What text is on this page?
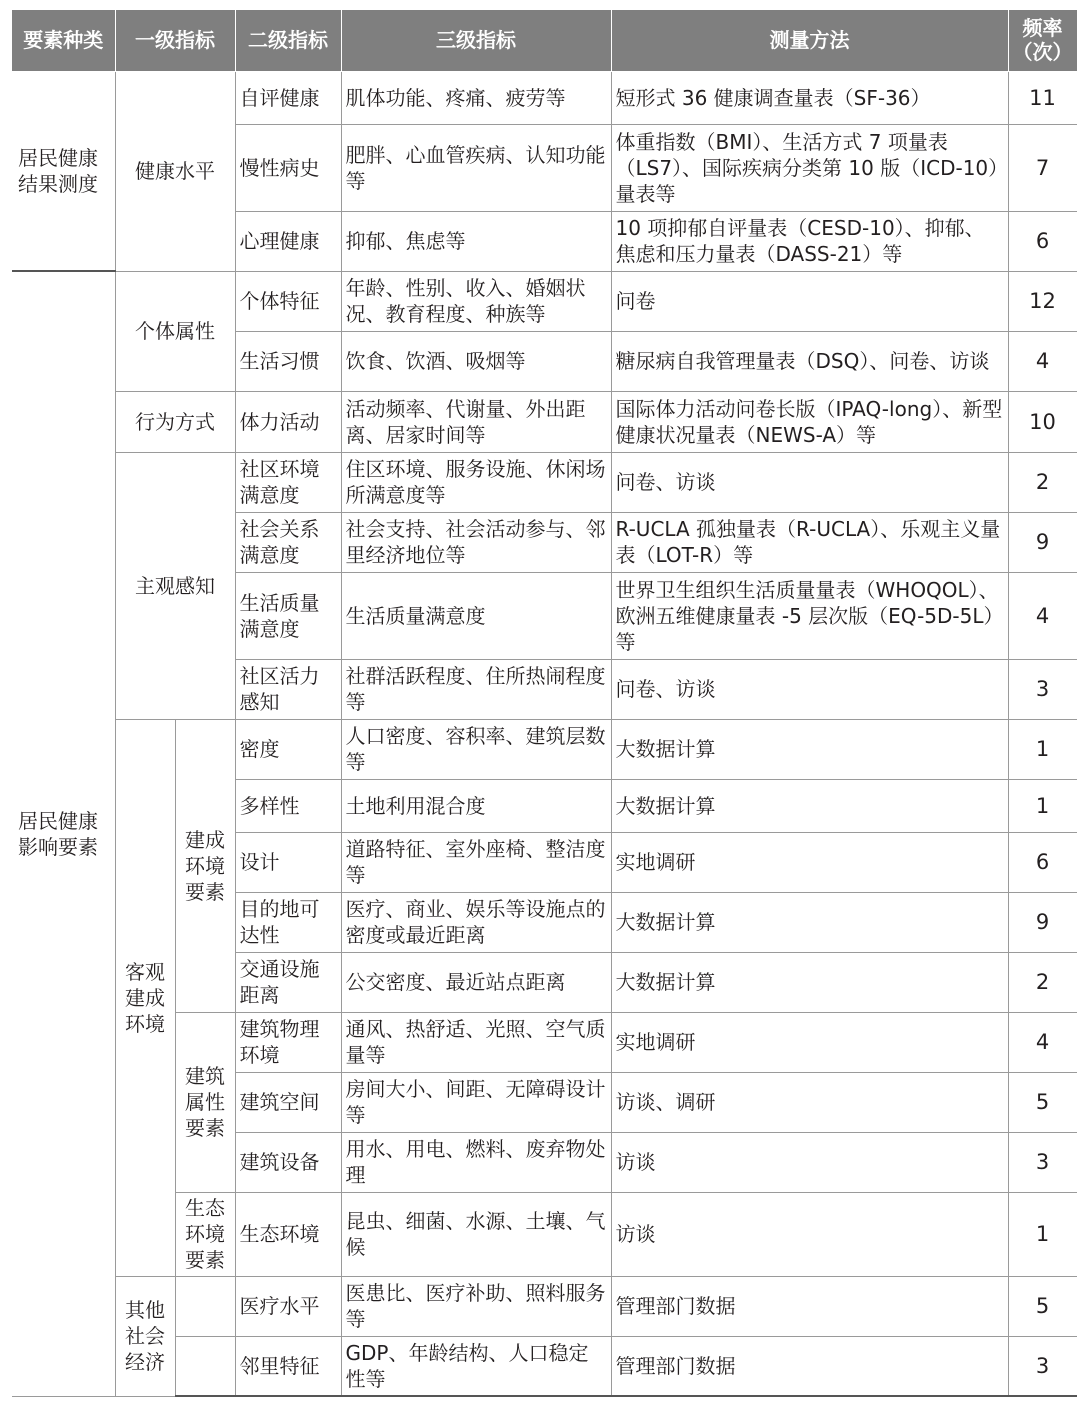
要素种类	一级指标		二级指标	三级指标	测量方法	频率（次）
居民健康结果测度	健康水平		自评健康	肌体功能、疼痛、疲劳等	短形式 36 健康调查量表（SF-36）	11
			慢性病史	肥胖、心血管疾病、认知功能等	体重指数（BMI）、生活方式 7 项量表（LS7）、国际疾病分类第 10 版（ICD-10）量表等	7
			心理健康	抑郁、焦虑等	10 项抑郁自评量表（CESD-10）、抑郁、焦虑和压力量表（DASS-21）等	6
居民健康影响要素	个体属性		个体特征	年龄、性别、收入、婚姻状况、教育程度、种族等	问卷	12
			生活习惯	饮食、饮酒、吸烟等	糖尿病自我管理量表（DSQ）、问卷、访谈	4
	行为方式		体力活动	活动频率、代谢量、外出距离、居家时间等	国际体力活动问卷长版（IPAQ-long）、新型健康状况量表（NEWS-A）等	10
	主观感知		社区环境满意度	住区环境、服务设施、休闲场所满意度等	问卷、访谈	2
			社会关系满意度	社会支持、社会活动参与、邻里经济地位等	R-UCLA 孤独量表（R-UCLA）、乐观主义量表（LOT-R）等	9
			生活质量满意度	生活质量满意度	世界卫生组织生活质量量表（WHOQOL）、欧洲五维健康量表 -5 层次版（EQ-5D-5L）等	4
			社区活力感知	社群活跃程度、住所热闹程度等	问卷、访谈	3
	客观建成环境	建成环境要素	密度	人口密度、容积率、建筑层数等	大数据计算	1
			多样性	土地利用混合度	大数据计算	1
			设计	道路特征、室外座椅、整洁度等	实地调研	6
			目的地可达性	医疗、商业、娱乐等设施点的密度或最近距离	大数据计算	9
			交通设施距离	公交密度、最近站点距离	大数据计算	2
		建筑属性要素	建筑物理环境	通风、热舒适、光照、空气质量等	实地调研	4
			建筑空间	房间大小、间距、无障碍设计等	访谈、调研	5
			建筑设备	用水、用电、燃料、废弃物处理	访谈	3
		生态环境要素	生态环境	昆虫、细菌、水源、土壤、气候	访谈	1
	其他社会经济		医疗水平	医患比、医疗补助、照料服务等	管理部门数据	5
			邻里特征	GDP、年龄结构、人口稳定性等	管理部门数据	3
